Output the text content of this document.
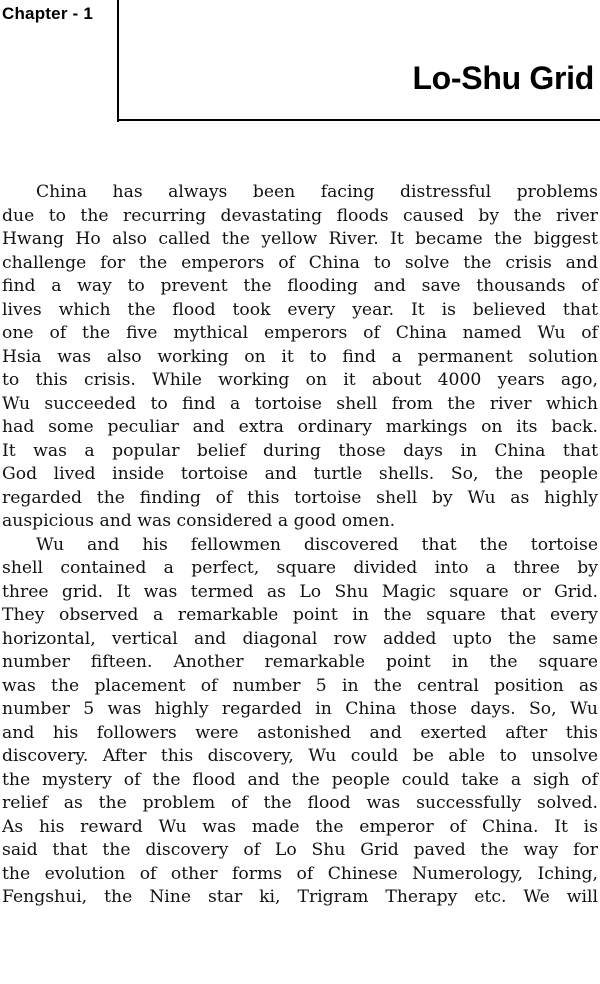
Chapter - 1
Lo-Shu Grid
China has always been facing distressful problems
due to the recurring devastating floods caused by the river
Hwang Ho also called the yellow River. It became the biggest
challenge for the emperors of China to solve the crisis and
find a way to prevent the flooding and save thousands of
lives which the flood took every year. It is believed that
one of the five mythical emperors of China named Wu of
Hsia was also working on it to find a permanent solution
to this crisis. While working on it about 4000 years ago,
Wu succeeded to find a tortoise shell from the river which
had some peculiar and extra ordinary markings on its back.
It was a popular belief during those days in China that
God lived inside tortoise and turtle shells. So, the people
regarded the finding of this tortoise shell by Wu as highly
auspicious and was considered a good omen.
Wu and his fellowmen discovered that the tortoise
shell contained a perfect, square divided into a three by
three grid. It was termed as Lo Shu Magic square or Grid.
They observed a remarkable point in the square that every
horizontal, vertical and diagonal row added upto the same
number fifteen. Another remarkable point in the square
was the placement of number 5 in the central position as
number 5 was highly regarded in China those days. So, Wu
and his followers were astonished and exerted after this
discovery. After this discovery, Wu could be able to unsolve
the mystery of the flood and the people could take a sigh of
relief as the problem of the flood was successfully solved.
As his reward Wu was made the emperor of China. It is
said that the discovery of Lo Shu Grid paved the way for
the evolution of other forms of Chinese Numerology, Iching,
Fengshui, the Nine star ki, Trigram Therapy etc. We will
